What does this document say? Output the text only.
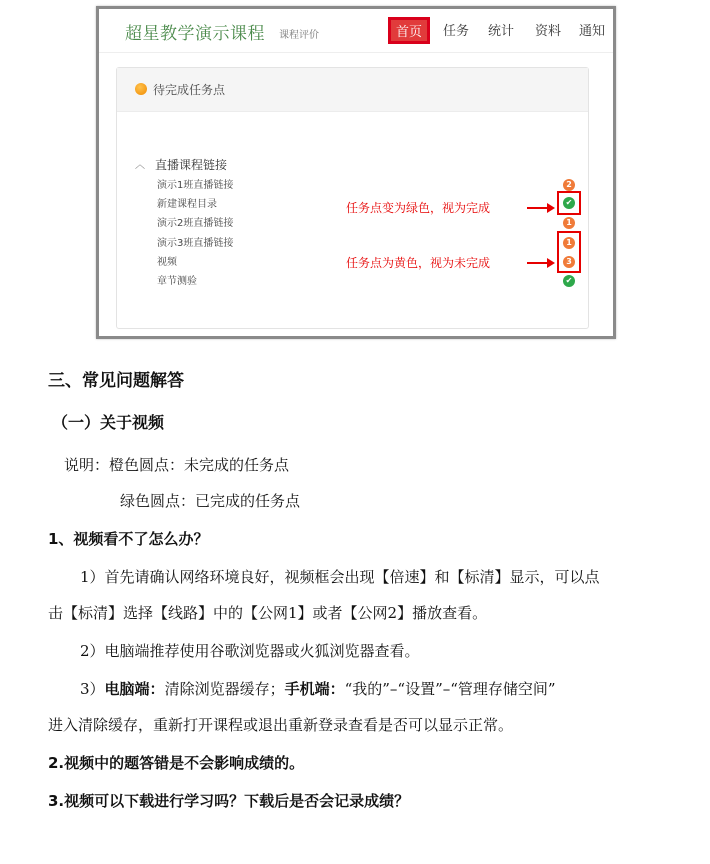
超星教学演示课程 课程评价	首页	任务 统计 资料 通知
待完成任务点
︿ 直播课程链接
演示1班直播链接
新建课程目录
演示2班直播链接
演示3班直播链接
视频
章节测验
2
✔
1
1
3
✔
任务点变为绿色，视为完成
任务点为黄色，视为未完成
三、常见问题解答
（一）关于视频
说明：橙色圆点：未完成的任务点
绿色圆点：已完成的任务点
1、视频看不了怎么办？
1）首先请确认网络环境良好，视频框会出现【倍速】和【标清】显示，可以点
击【标清】选择【线路】中的【公网1】或者【公网2】播放查看。
2）电脑端推荐使用谷歌浏览器或火狐浏览器查看。
3）电脑端：清除浏览器缓存；手机端：“我的”–“设置”–“管理存储空间”
进入清除缓存，重新打开课程或退出重新登录查看是否可以显示正常。
2.视频中的题答错是不会影响成绩的。
3.视频可以下载进行学习吗？下载后是否会记录成绩？
